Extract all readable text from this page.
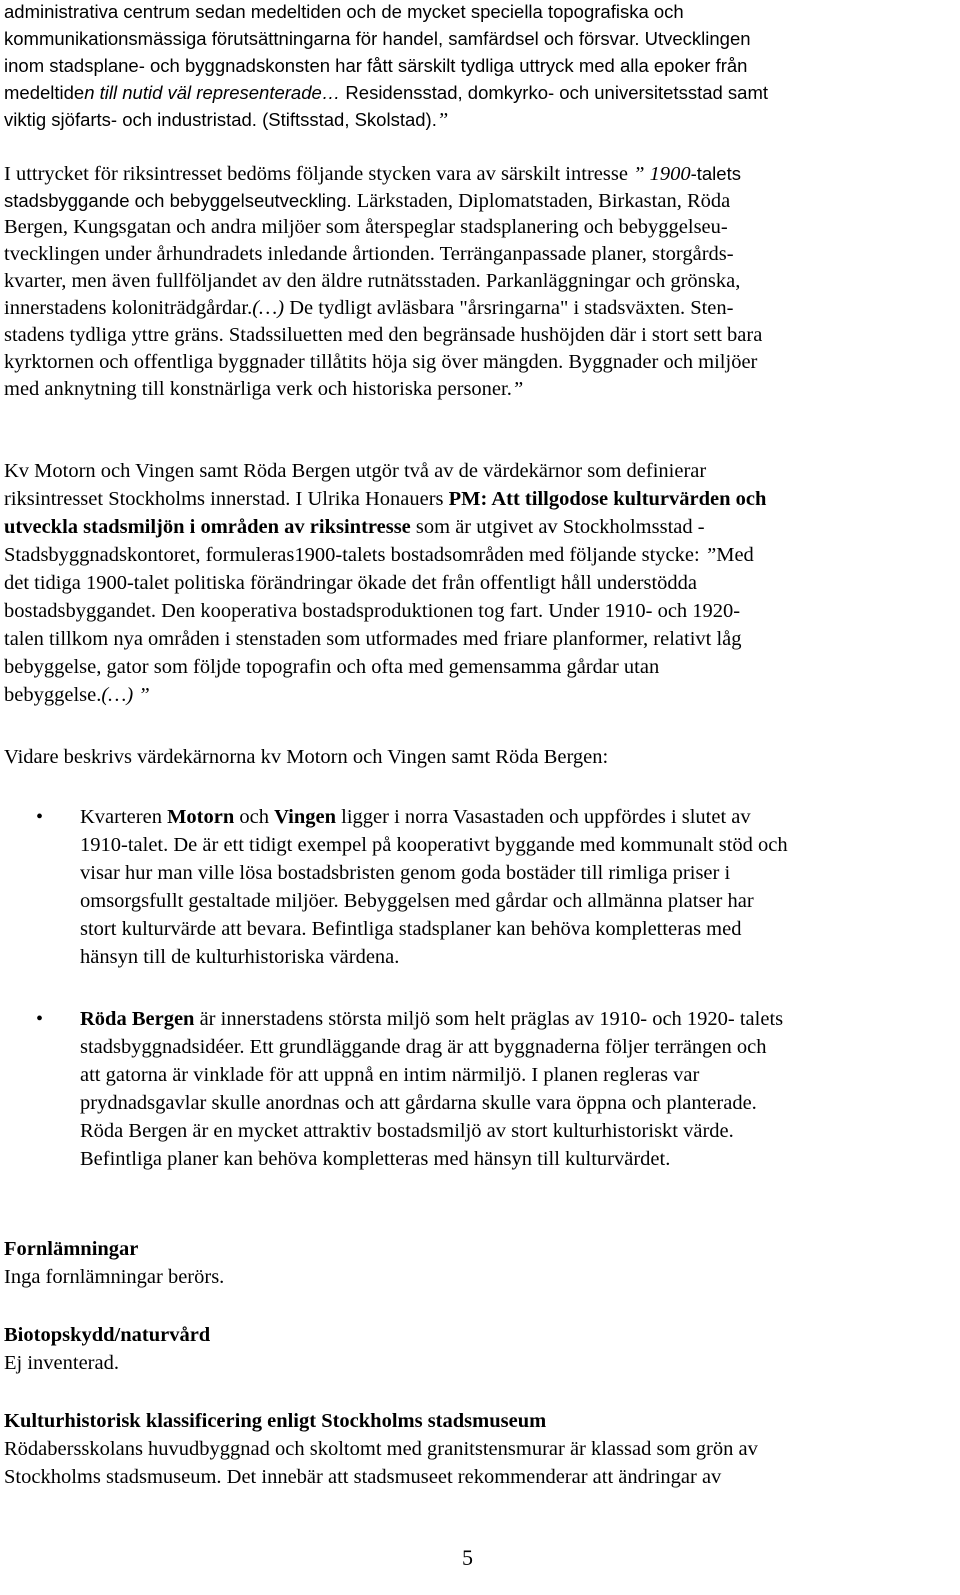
administrativa centrum sedan medeltiden och de mycket speciella topografiska och
kommunikationsmässiga förutsättningarna för handel, samfärdsel och försvar. Utvecklingen
inom stadsplane- och byggnadskonsten har fått särskilt tydliga uttryck med alla epoker från
medeltiden till nutid väl representerade… Residensstad, domkyrko- och universitetsstad samt
viktig sjöfarts- och industristad. (Stiftsstad, Skolstad).”
I uttrycket för riksintresset bedöms följande stycken vara av särskilt intresse ” 1900-talets
stadsbyggande och bebyggelseutveckling. Lärkstaden, Diplomatstaden, Birkastan, Röda
Bergen, Kungsgatan och andra miljöer som återspeglar stadsplanering och bebyggelseu-
tvecklingen under århundradets inledande årtionden. Terränganpassade planer, storgårds-
kvarter, men även fullföljandet av den äldre rutnätsstaden. Parkanläggningar och grönska,
innerstadens koloniträdgårdar.(…) De tydligt avläsbara "årsringarna" i stadsväxten. Sten-
stadens tydliga yttre gräns. Stadssiluetten med den begränsade hushöjden där i stort sett bara
kyrktornen och offentliga byggnader tillåtits höja sig över mängden. Byggnader och miljöer
med anknytning till konstnärliga verk och historiska personer.”
Kv Motorn och Vingen samt Röda Bergen utgör två av de värdekärnor som definierar
riksintresset Stockholms innerstad. I Ulrika Honauers PM: Att tillgodose kulturvärden och
utveckla stadsmiljön i områden av riksintresse som är utgivet av Stockholmsstad -
Stadsbyggnadskontoret, formuleras1900-talets bostadsområden med följande stycke: ”Med
det tidiga 1900-talet politiska förändringar ökade det från offentligt håll understödda
bostadsbyggandet. Den kooperativa bostadsproduktionen tog fart. Under 1910- och 1920-
talen tillkom nya områden i stenstaden som utformades med friare planformer, relativt låg
bebyggelse, gator som följde topografin och ofta med gemensamma gårdar utan
bebyggelse.(…) ”
Vidare beskrivs värdekärnorna kv Motorn och Vingen samt Röda Bergen:
• Kvarteren Motorn och Vingen ligger i norra Vasastaden och uppfördes i slutet av
1910-talet. De är ett tidigt exempel på kooperativt byggande med kommunalt stöd och
visar hur man ville lösa bostadsbristen genom goda bostäder till rimliga priser i
omsorgsfullt gestaltade miljöer. Bebyggelsen med gårdar och allmänna platser har
stort kulturvärde att bevara. Befintliga stadsplaner kan behöva kompletteras med
hänsyn till de kulturhistoriska värdena.
• Röda Bergen är innerstadens största miljö som helt präglas av 1910- och 1920- talets
stadsbyggnadsidéer. Ett grundläggande drag är att byggnaderna följer terrängen och
att gatorna är vinklade för att uppnå en intim närmiljö. I planen regleras var
prydnadsgavlar skulle anordnas och att gårdarna skulle vara öppna och planterade.
Röda Bergen är en mycket attraktiv bostadsmiljö av stort kulturhistoriskt värde.
Befintliga planer kan behöva kompletteras med hänsyn till kulturvärdet.
Fornlämningar
Inga fornlämningar berörs.
Biotopskydd/naturvård
Ej inventerad.
Kulturhistorisk klassificering enligt Stockholms stadsmuseum
Rödabersskolans huvudbyggnad och skoltomt med granitstensmurar är klassad som grön av
Stockholms stadsmuseum. Det innebär att stadsmuseet rekommenderar att ändringar av
5
